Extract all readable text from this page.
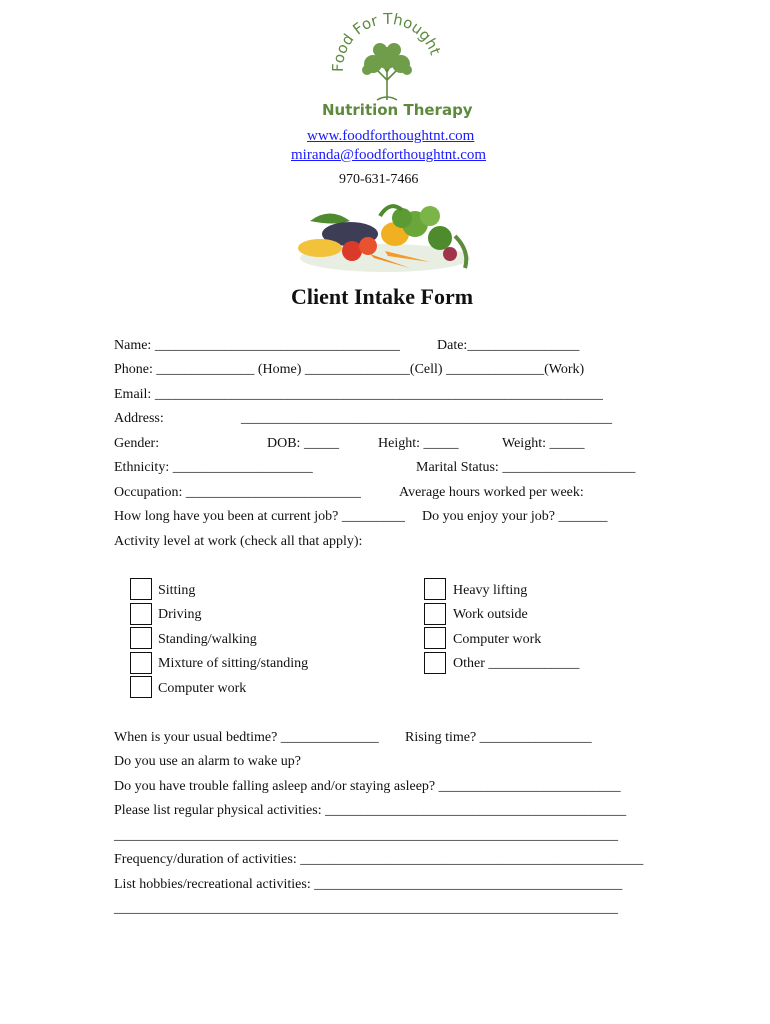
Food For Thought
Nutrition Therapy
www.foodforthoughtnt.com
miranda@foodforthoughtnt.com
970-631-7466
Client Intake Form
Name: ___________________________________	Date:________________
Phone: ______________ (Home) _______________(Cell) ______________(Work)
Email: ________________________________________________________________
Address:	_____________________________________________________
Gender:	DOB: _____	Height: _____	Weight: _____
Ethnicity: ____________________	Marital Status: ___________________
Occupation: _________________________	Average hours worked per week:
How long have you been at current job? _________ Do you enjoy your job? _______
Activity level at work (check all that apply):
Sitting
Driving
Standing/walking
Mixture of sitting/standing
Computer work
Heavy lifting
Work outside
Computer work
Other _____________
When is your usual bedtime? ______________ Rising time? ________________
Do you use an alarm to wake up?
Do you have trouble falling asleep and/or staying asleep? __________________________
Please list regular physical activities: ___________________________________________
________________________________________________________________________
Frequency/duration of activities: _________________________________________________
List hobbies/recreational activities: ____________________________________________
________________________________________________________________________
